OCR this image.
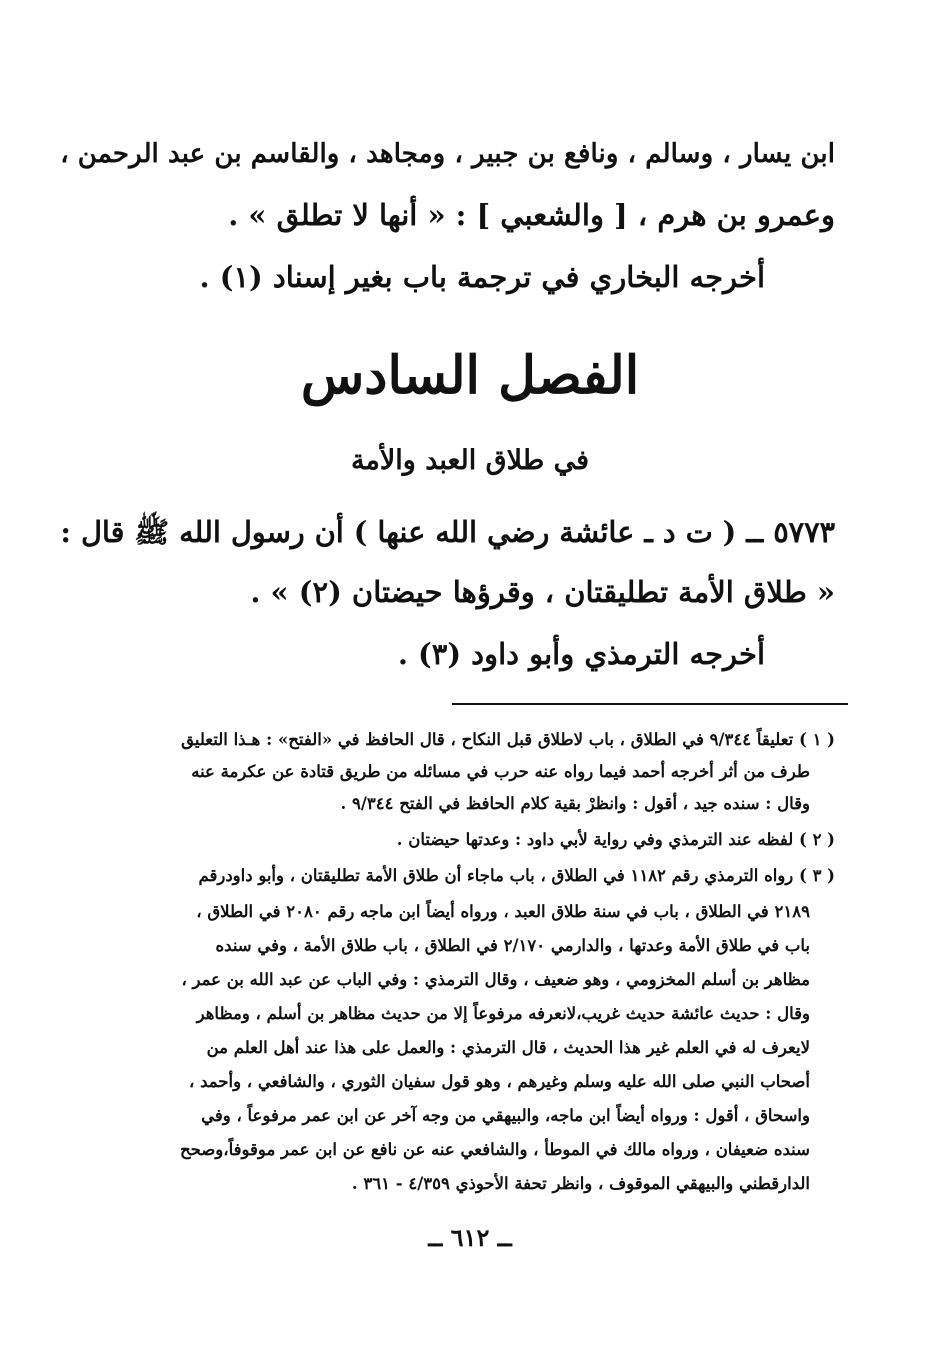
ابن يسار ، وسالم ، ونافع بن جبير ، ومجاهد ، والقاسم بن عبد الرحمن ،
وعمرو بن هرم ، [ والشعبي ] : « أنها لا تطلق » .
أخرجه البخاري في ترجمة باب بغير إسناد (١) .
الفصل السادس
في طلاق العبد والأمة
٥٧٧٣ ــ ( ت د ـ عائشة رضي الله عنها ) أن رسول الله ﷺ قال :
« طلاق الأمة تطليقتان ، وقرؤها حيضتان (٢) » .
أخرجه الترمذي وأبو داود (٣) .
( ١ ) تعليقاً ٩/٣٤٤ في الطلاق ، باب لاطلاق قبل النكاح ، قال الحافظ في «الفتح» : هـذا التعليق
طرف من أثر أخرجه أحمد فيما رواه عنه حرب في مسائله من طريق قتادة عن عكرمة عنه
وقال : سنده جيد ، أقول : وانظرْ بقية كلام الحافظ في الفتح ٩/٣٤٤ .
( ٢ ) لفظه عند الترمذي وفي رواية لأبي داود : وعدتها حيضتان .
( ٣ ) رواه الترمذي رقم ١١٨٢ في الطلاق ، باب ماجاء أن طلاق الأمة تطليقتان ، وأبو داودرقم
٢١٨٩ في الطلاق ، باب في سنة طلاق العبد ، ورواه أيضاً ابن ماجه رقم ٢٠٨٠ في الطلاق ،
باب في طلاق الأمة وعدتها ، والدارمي ٢/١٧٠ في الطلاق ، باب طلاق الأمة ، وفي سنده
مظاهر بن أسلم المخزومي ، وهو ضعيف ، وقال الترمذي : وفي الباب عن عبد الله بن عمر ،
وقال : حديث عائشة حديث غريب،لانعرفه مرفوعاً إلا من حديث مظاهر بن أسلم ، ومظاهر
لايعرف له في العلم غير هذا الحديث ، قال الترمذي : والعمل على هذا عند أهل العلم من
أصحاب النبي صلى الله عليه وسلم وغيرهم ، وهو قول سفيان الثوري ، والشافعي ، وأحمد ،
واسحاق ، أقول : ورواه أيضاً ابن ماجه، والبيهقي من وجه آخر عن ابن عمر مرفوعاً ، وفي
سنده ضعيفان ، ورواه مالك في الموطأ ، والشافعي عنه عن نافع عن ابن عمر موقوفاً،وصحح
الدارقطني والبيهقي الموقوف ، وانظر تحفة الأحوذي ٤/٣٥٩ - ٣٦١ .
ــ ٦١٢ ــ
